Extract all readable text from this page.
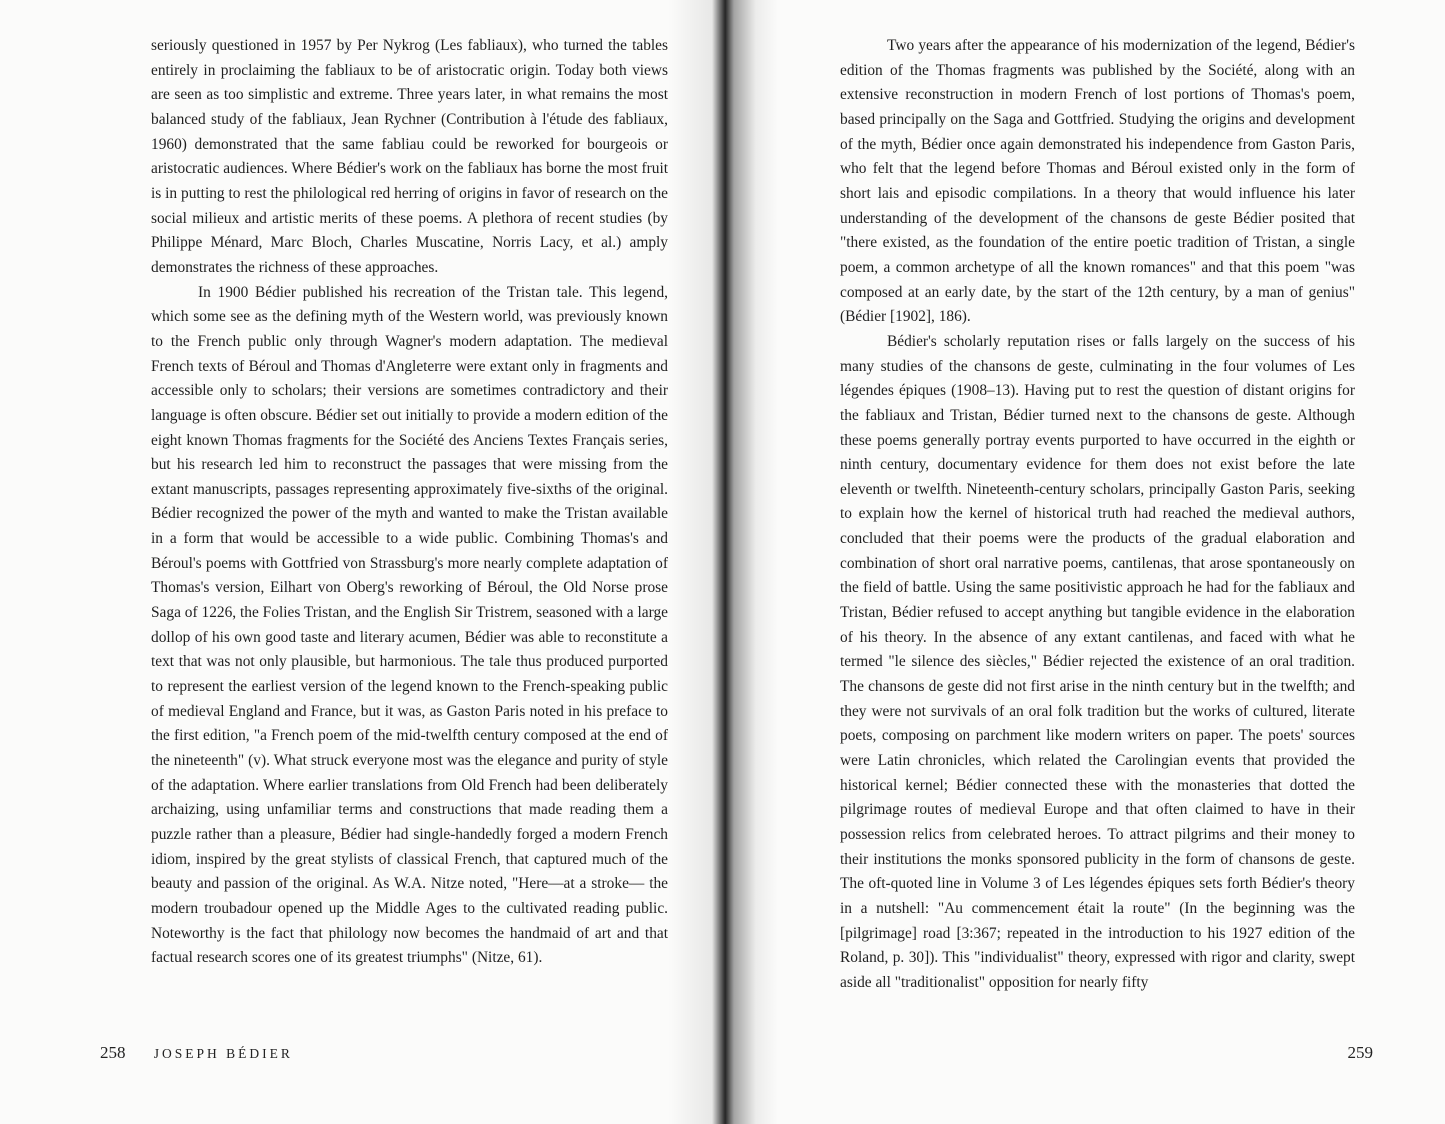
seriously questioned in 1957 by Per Nykrog (Les fabliaux), who turned the tables entirely in proclaiming the fabliaux to be of aristocratic origin. Today both views are seen as too simplistic and extreme. Three years later, in what remains the most balanced study of the fabliaux, Jean Rychner (Contribution à l'étude des fabliaux, 1960) demonstrated that the same fabliau could be reworked for bourgeois or aristocratic audiences. Where Bédier's work on the fabliaux has borne the most fruit is in putting to rest the philological red herring of origins in favor of research on the social milieux and artistic merits of these poems. A plethora of recent studies (by Philippe Ménard, Marc Bloch, Charles Muscatine, Norris Lacy, et al.) amply demonstrates the richness of these approaches.

In 1900 Bédier published his recreation of the Tristan tale. This legend, which some see as the defining myth of the Western world, was previously known to the French public only through Wagner's modern adaptation. The medieval French texts of Béroul and Thomas d'Angleterre were extant only in fragments and accessible only to scholars; their versions are sometimes contradictory and their language is often obscure. Bédier set out initially to provide a modern edition of the eight known Thomas fragments for the Société des Anciens Textes Français series, but his research led him to reconstruct the passages that were missing from the extant manuscripts, passages representing approximately five-sixths of the original. Bédier recognized the power of the myth and wanted to make the Tristan available in a form that would be accessible to a wide public. Combining Thomas's and Béroul's poems with Gottfried von Strassburg's more nearly complete adaptation of Thomas's version, Eilhart von Oberg's reworking of Béroul, the Old Norse prose Saga of 1226, the Folies Tristan, and the English Sir Tristrem, seasoned with a large dollop of his own good taste and literary acumen, Bédier was able to reconstitute a text that was not only plausible, but harmonious. The tale thus produced purported to represent the earliest version of the legend known to the French-speaking public of medieval England and France, but it was, as Gaston Paris noted in his preface to the first edition, "a French poem of the mid-twelfth century composed at the end of the nineteenth" (v). What struck everyone most was the elegance and purity of style of the adaptation. Where earlier translations from Old French had been deliberately archaizing, using unfamiliar terms and constructions that made reading them a puzzle rather than a pleasure, Bédier had single-handedly forged a modern French idiom, inspired by the great stylists of classical French, that captured much of the beauty and passion of the original. As W.A. Nitze noted, "Here—at a stroke— the modern troubadour opened up the Middle Ages to the cultivated reading public. Noteworthy is the fact that philology now becomes the handmaid of art and that factual research scores one of its greatest triumphs" (Nitze, 61).

258 JOSEPH BÉDIER

Two years after the appearance of his modernization of the legend, Bédier's edition of the Thomas fragments was published by the Société, along with an extensive reconstruction in modern French of lost portions of Thomas's poem, based principally on the Saga and Gottfried. Studying the origins and development of the myth, Bédier once again demonstrated his independence from Gaston Paris, who felt that the legend before Thomas and Béroul existed only in the form of short lais and episodic compilations. In a theory that would influence his later understanding of the development of the chansons de geste Bédier posited that "there existed, as the foundation of the entire poetic tradition of Tristan, a single poem, a common archetype of all the known romances" and that this poem "was composed at an early date, by the start of the 12th century, by a man of genius" (Bédier [1902], 186).

Bédier's scholarly reputation rises or falls largely on the success of his many studies of the chansons de geste, culminating in the four volumes of Les légendes épiques (1908–13). Having put to rest the question of distant origins for the fabliaux and Tristan, Bédier turned next to the chansons de geste. Although these poems generally portray events purported to have occurred in the eighth or ninth century, documentary evidence for them does not exist before the late eleventh or twelfth. Nineteenth-century scholars, principally Gaston Paris, seeking to explain how the kernel of historical truth had reached the medieval authors, concluded that their poems were the products of the gradual elaboration and combination of short oral narrative poems, cantilenas, that arose spontaneously on the field of battle. Using the same positivistic approach he had for the fabliaux and Tristan, Bédier refused to accept anything but tangible evidence in the elaboration of his theory. In the absence of any extant cantilenas, and faced with what he termed "le silence des siècles," Bédier rejected the existence of an oral tradition. The chansons de geste did not first arise in the ninth century but in the twelfth; and they were not survivals of an oral folk tradition but the works of cultured, literate poets, composing on parchment like modern writers on paper. The poets' sources were Latin chronicles, which related the Carolingian events that provided the historical kernel; Bédier connected these with the monasteries that dotted the pilgrimage routes of medieval Europe and that often claimed to have in their possession relics from celebrated heroes. To attract pilgrims and their money to their institutions the monks sponsored publicity in the form of chansons de geste. The oft-quoted line in Volume 3 of Les légendes épiques sets forth Bédier's theory in a nutshell: "Au commencement était la route" (In the beginning was the [pilgrimage] road [3:367; repeated in the introduction to his 1927 edition of the Roland, p. 30]). This "individualist" theory, expressed with rigor and clarity, swept aside all "traditionalist" opposition for nearly fifty

259
